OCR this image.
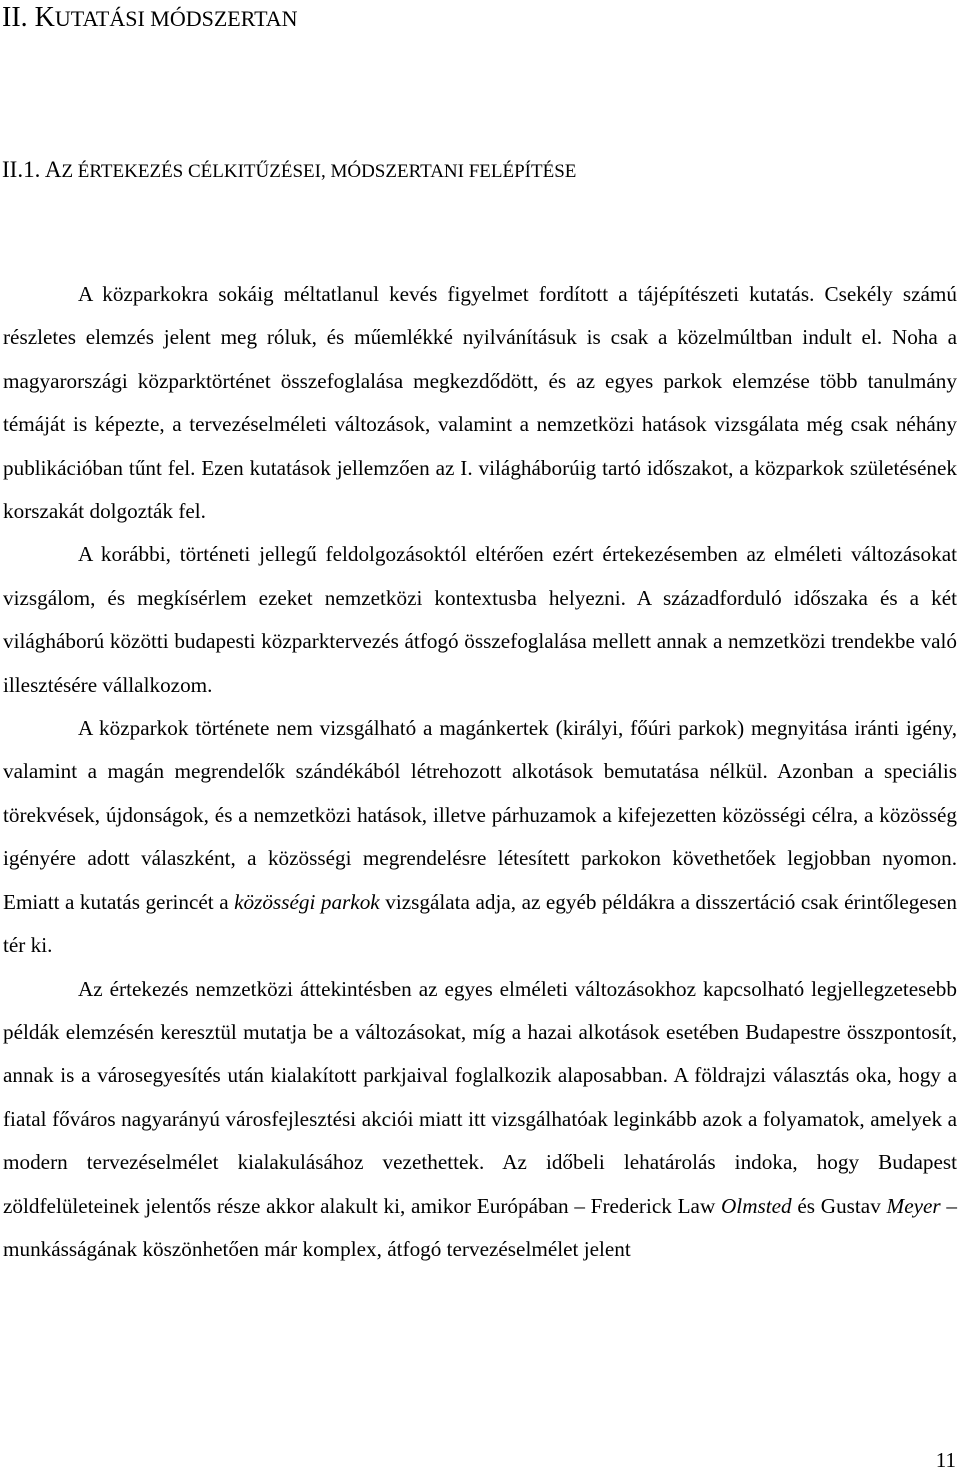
II. KUTATÁSI MÓDSZERTAN
II.1. AZ ÉRTEKEZÉS CÉLKITŰZÉSEI, MÓDSZERTANI FELÉPÍTÉSE

A közparkokra sokáig méltatlanul kevés figyelmet fordított a tájépítészeti kutatás. Csekély számú részletes elemzés jelent meg róluk, és műemlékké nyilvánításuk is csak a közelmúltban indult el. Noha a magyarországi közparktörténet összefoglalása megkezdődött, és az egyes parkok elemzése több tanulmány témáját is képezte, a tervezéselméleti változások, valamint a nemzetközi hatások vizsgálata még csak néhány publikációban tűnt fel. Ezen kutatások jellemzően az I. világháborúig tartó időszakot, a közparkok születésének korszakát dolgozták fel.

A korábbi, történeti jellegű feldolgozásoktól eltérően ezért értekezésemben az elméleti változásokat vizsgálom, és megkísérlem ezeket nemzetközi kontextusba helyezni. A századforduló időszaka és a két világháború közötti budapesti közparktervezés átfogó összefoglalása mellett annak a nemzetközi trendekbe való illesztésére vállalkozom.

A közparkok története nem vizsgálható a magánkertek (királyi, főúri parkok) megnyitása iránti igény, valamint a magán megrendelők szándékából létrehozott alkotások bemutatása nélkül. Azonban a speciális törekvések, újdonságok, és a nemzetközi hatások, illetve párhuzamok a kifejezetten közösségi célra, a közösség igényére adott válaszként, a közösségi megrendelésre létesített parkokon követhetőek legjobban nyomon. Emiatt a kutatás gerincét a közösségi parkok vizsgálata adja, az egyéb példákra a disszertáció csak érintőlegesen tér ki.

Az értekezés nemzetközi áttekintésben az egyes elméleti változásokhoz kapcsolható legjellegzetesebb példák elemzésén keresztül mutatja be a változásokat, míg a hazai alkotások esetében Budapestre összpontosít, annak is a városegyesítés után kialakított parkjaival foglalkozik alaposabban. A földrajzi választás oka, hogy a fiatal főváros nagyarányú városfejlesztési akciói miatt itt vizsgálhatóak leginkább azok a folyamatok, amelyek a modern tervezéselmélet kialakulásához vezethettek. Az időbeli lehatárolás indoka, hogy Budapest zöldfelületeinek jelentős része akkor alakult ki, amikor Európában – Frederick Law Olmsted és Gustav Meyer – munkásságának köszönhetően már komplex, átfogó tervezéselmélet jelent

11
